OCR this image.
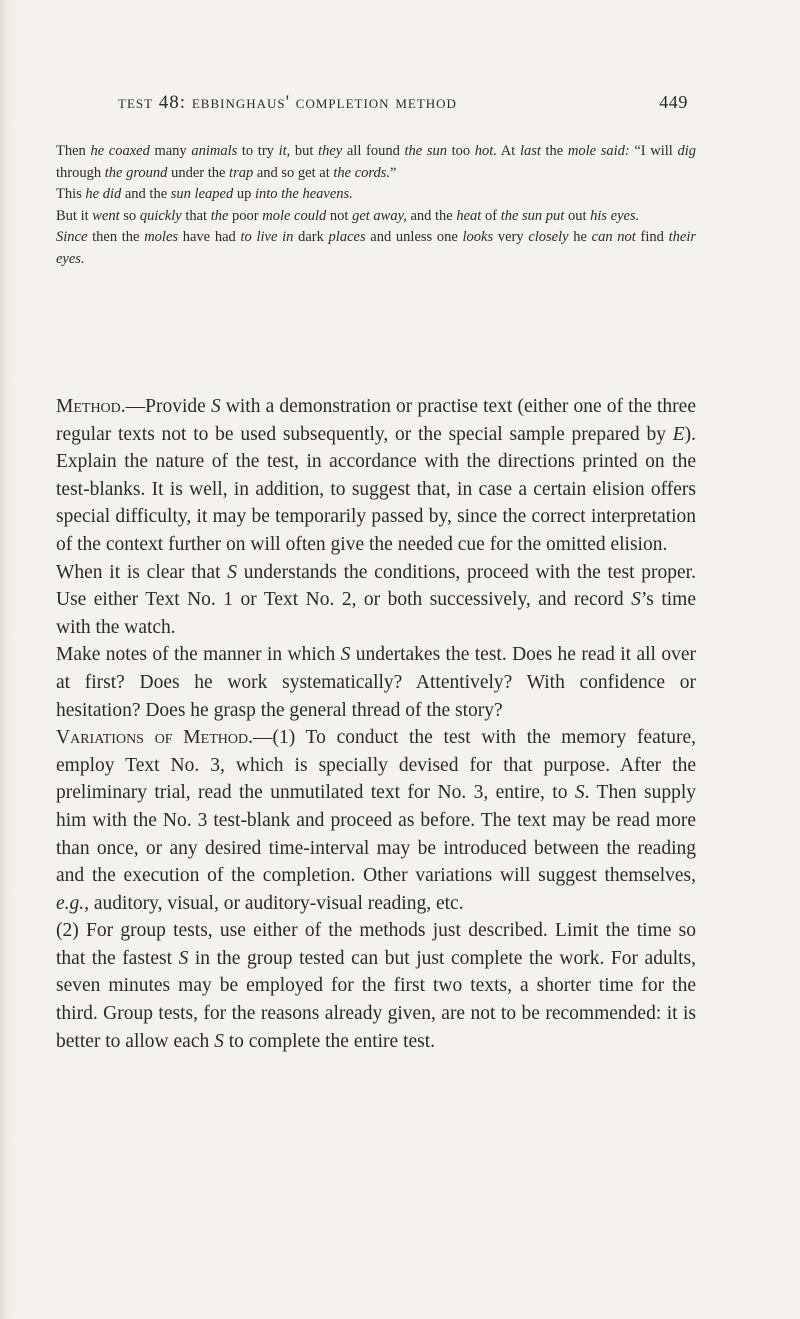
test 48: ebbinghaus' completion method	449

Then he coaxed many animals to try it, but they all found the sun too hot. At last the mole said: “I will dig through the ground under the trap and so get at the cords.”

This he did and the sun leaped up into the heavens.

But it went so quickly that the poor mole could not get away, and the heat of the sun put out his eyes.

Since then the moles have had to live in dark places and unless one looks very closely he can not find their eyes.

Method.—Provide S with a demonstration or practise text (either one of the three regular texts not to be used subsequently, or the special sample prepared by E). Explain the nature of the test, in accordance with the directions printed on the test-blanks. It is well, in addition, to suggest that, in case a certain elision offers special difficulty, it may be temporarily passed by, since the correct interpretation of the context further on will often give the needed cue for the omitted elision.

When it is clear that S understands the conditions, proceed with the test proper. Use either Text No. 1 or Text No. 2, or both successively, and record S’s time with the watch.

Make notes of the manner in which S undertakes the test. Does he read it all over at first? Does he work systematically? Attentively? With confidence or hesitation? Does he grasp the general thread of the story?

Variations of Method.—(1) To conduct the test with the memory feature, employ Text No. 3, which is specially devised for that purpose. After the preliminary trial, read the unmutilated text for No. 3, entire, to S. Then supply him with the No. 3 test-blank and proceed as before. The text may be read more than once, or any desired time-interval may be introduced between the reading and the execution of the completion. Other variations will suggest themselves, e.g., auditory, visual, or auditory-visual reading, etc.

(2) For group tests, use either of the methods just described. Limit the time so that the fastest S in the group tested can but just complete the work. For adults, seven minutes may be employed for the first two texts, a shorter time for the third. Group tests, for the reasons already given, are not to be recommended: it is better to allow each S to complete the entire test.
